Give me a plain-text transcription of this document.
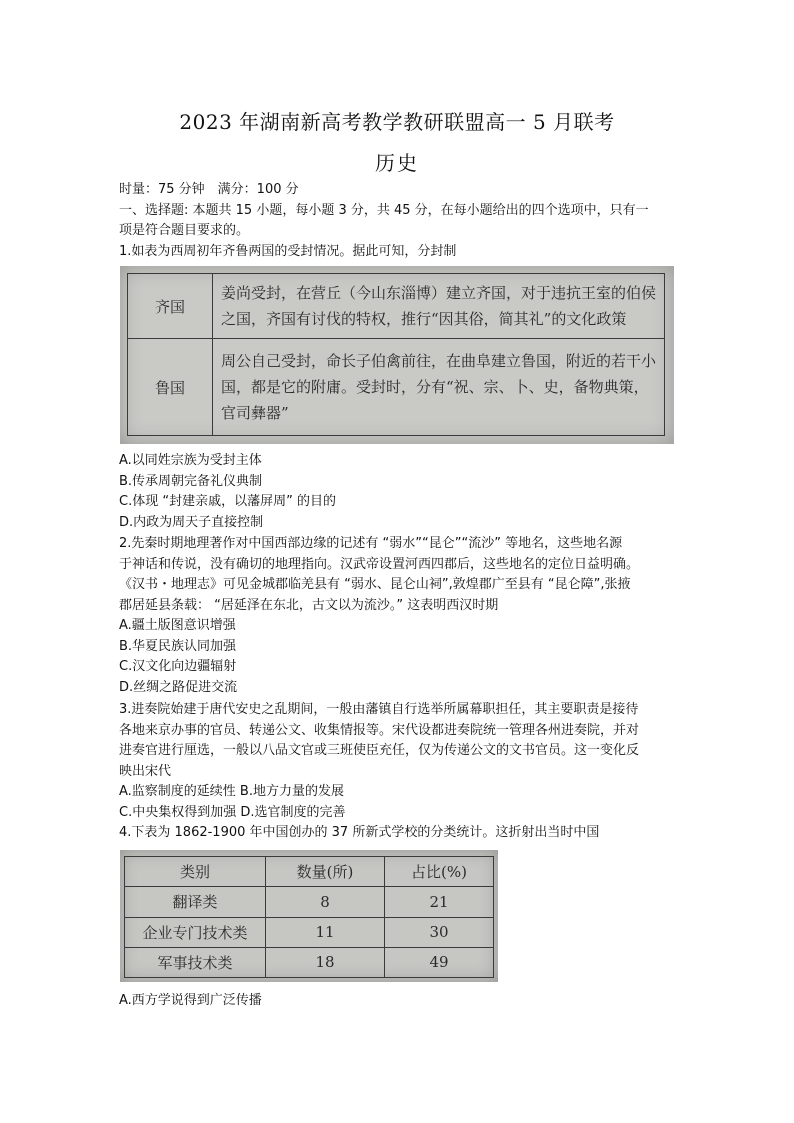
2023 年湖南新高考教学教研联盟高一 5 月联考
历史
时量：75 分钟　满分：100 分
一、选择题: 本题共 15 小题，每小题 3 分，共 45 分，在每小题给出的四个选项中，只有一
项是符合题目要求的。
1.如表为西周初年齐鲁两国的受封情况。据此可知，分封制
齐国	姜尚受封，在营丘（今山东淄博）建立齐国，对于违抗王室的伯侯之国，齐国有讨伐的特权，推行“因其俗，简其礼”的文化政策
鲁国	周公自己受封，命长子伯禽前往，在曲阜建立鲁国，附近的若干小国，都是它的附庸。受封时，分有“祝、宗、卜、史，备物典策，官司彝器”
A.以同姓宗族为受封主体
B.传承周朝完备礼仪典制
C.体现 “封建亲戚，以藩屏周” 的目的
D.内政为周天子直接控制
2.先秦时期地理著作对中国西部边缘的记述有 “弱水”“昆仑”“流沙” 等地名，这些地名源
于神话和传说，没有确切的地理指向。汉武帝设置河西四郡后，这些地名的定位日益明确。
《汉书・地理志》可见金城郡临羌县有 “弱水、昆仑山祠”,敦煌郡广至县有 “昆仑障”,张掖
郡居延县条载： “居延泽在东北，古文以为流沙。” 这表明西汉时期
A.疆土版图意识增强
B.华夏民族认同加强
C.汉文化向边疆辐射
D.丝绸之路促进交流
3.进奏院始建于唐代安史之乱期间，一般由藩镇自行选举所属幕职担任，其主要职责是接待
各地来京办事的官员、转递公文、收集情报等。宋代设都进奏院统一管理各州进奏院，并对
进奏官进行厘选，一般以八品文官或三班使臣充任，仅为传递公文的文书官员。这一变化反
映出宋代
A.监察制度的延续性 B.地方力量的发展
C.中央集权得到加强 D.选官制度的完善
4.下表为 1862-1900 年中国创办的 37 所新式学校的分类统计。这折射出当时中国
类别	数量(所)	占比(%)
翻译类	8	21
企业专门技术类	11	30
军事技术类	18	49
A.西方学说得到广泛传播
